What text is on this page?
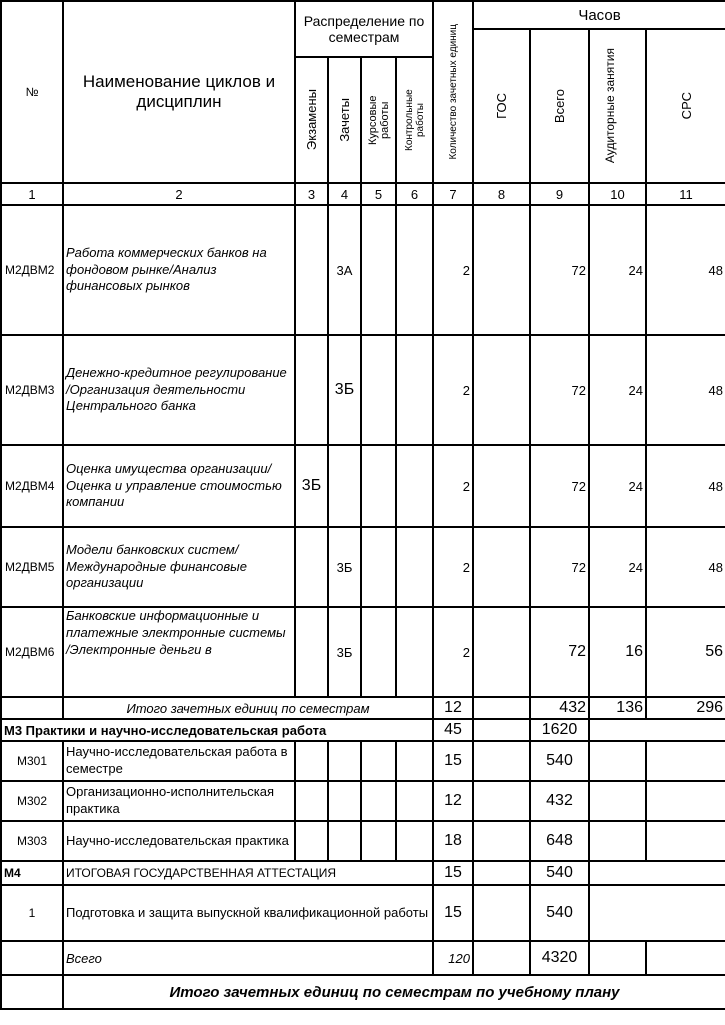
№	Наименование циклов и дисциплин	Распределение по семестрам				Количество зачетных единиц	Часов			

							ГОС	Всего	Аудиторные занятия	СРС

		Экзамены	Зачеты	Курсовые работы	Контрольные работы					

1	2	3	4	5	6	7	8	9	10	11
М2ДВМ2	Работа коммерческих банков на фондовом рынке/Анализ финансовых рынков		3А			2		72	24	48
М2ДВМ3	Денежно-кредитное регулирование /Организация деятельности Центрального банка		3Б			2		72	24	48
М2ДВМ4	Оценка имущества организации/Оценка и управление стоимостью компании	3Б				2		72	24	48
М2ДВМ5	Модели банковских систем/ Международные финансовые организации		3Б			2		72	24	48
М2ДВМ6	Банковские информационные и платежные электронные системы /Электронные деньги в		3Б			2		72	16	56
	Итого зачетных единиц по семестрам					12		432	136	296
М3 Практики и научно-исследовательская работа						45		1620		
М301	Научно-исследовательская работа в семестре					15		540		
М302	Организационно-исполнительская практика					12		432		
М303	Научно-исследовательская практика					18		648		
М4	ИТОГОВАЯ ГОСУДАРСТВЕННАЯ АТТЕСТАЦИЯ					15		540		
1	Подготовка и защита выпускной квалификационной работы					15		540		
	Всего					120		4320		
	Итого зачетных единиц по семестрам по учебному плану									
